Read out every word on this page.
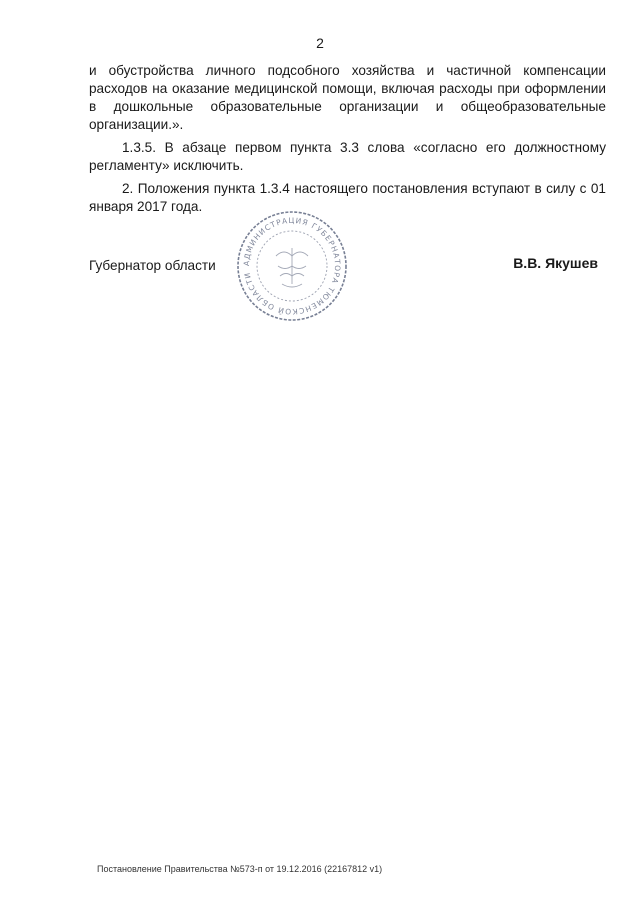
2

и обустройства личного подсобного хозяйства и частичной компенсации расходов на оказание медицинской помощи, включая расходы при оформлении в дошкольные образовательные организации и общеобразовательные организации.».

1.3.5. В абзаце первом пункта 3.3 слова «согласно его должностному регламенту» исключить.

2. Положения пункта 1.3.4 настоящего постановления вступают в силу с 01 января 2017 года.

Губернатор области	В.В. Якушев
АДМИНИСТРАЦИЯ ГУБЕРНАТОРА ТЮМЕНСКОЙ ОБЛАСТИ
Постановление Правительства №573-п от 19.12.2016 (22167812 v1)
